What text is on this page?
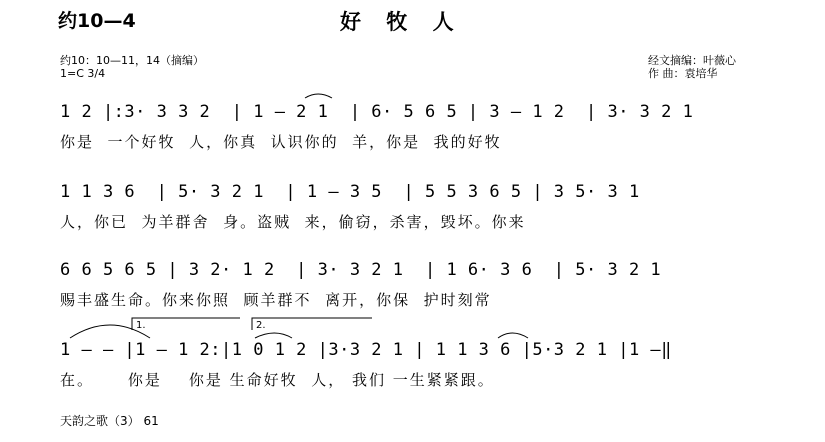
约10—4	好 牧 人
约10：10—11，14（摘编）
1=C 3/4
经文摘编：叶薇心
作 曲：袁培华
1 2 |:3· 3 3 2  | 1 – 2 1  | 6· 5 6 5 | 3 – 1 2  | 3· 3 2 1
你是  一个好牧  人，你真  认识你的  羊，你是  我的好牧
1 1 3 6  | 5· 3 2 1  | 1 – 3 5  | 5 5 3 6 5 | 3 5· 3 1
人，你已  为羊群舍  身。盗贼  来，偷窃，杀害，毁坏。你来
6 6 5 6 5 | 3 2· 1 2  | 3· 3 2 1  | 1 6· 3 6  | 5· 3 2 1
赐丰盛生命。你来你照  顾羊群不  离开，你保  护时刻常
1 – – |1 – 1 2:|1 0 1 2 |3·3 2 1 | 1 1 3 6 |5·3 2 1 |1 –‖
在。     你是    你是 生命好牧  人， 我们 一生紧紧跟。
1.	2.
天韵之歌（3） 61
